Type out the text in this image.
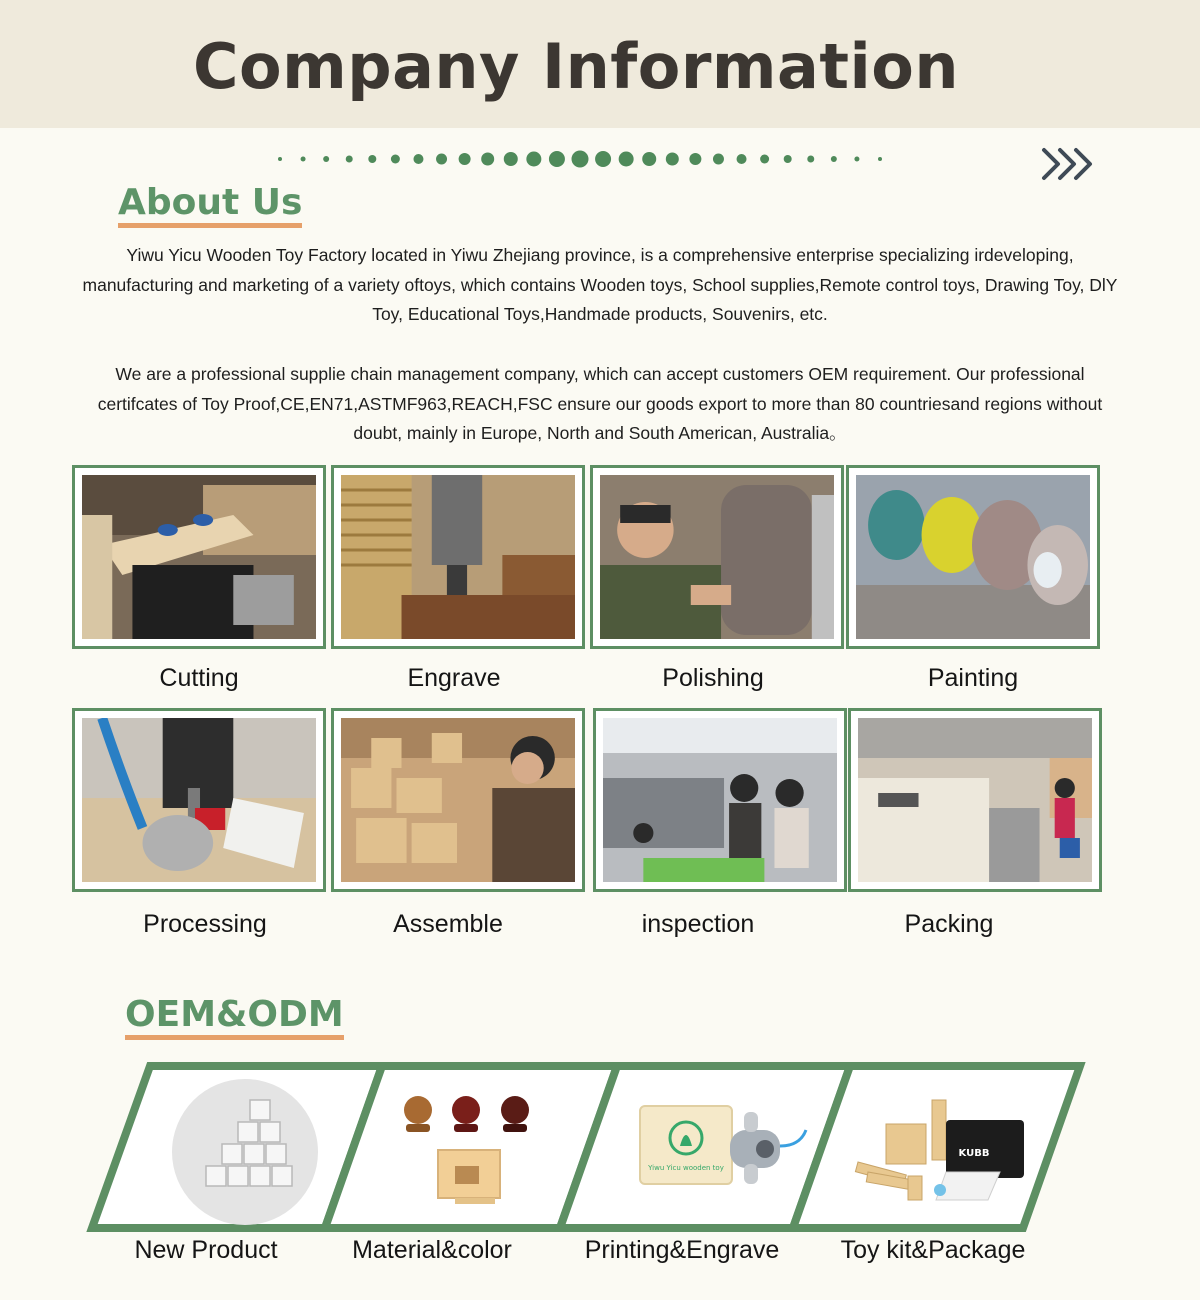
Company Information
About Us

Yiwu Yicu Wooden Toy Factory located in Yiwu Zhejiang province, is a comprehensive enterprise specializing irdeveloping, manufacturing and marketing of a variety oftoys, which contains Wooden toys, School supplies,Remote control toys, Drawing Toy, DlY Toy, Educational Toys,Handmade products, Souvenirs, etc.

We are a professional supplie chain management company, which can accept customers OEM requirement. Our professional certifcates of Toy Proof,CE,EN71,ASTMF963,REACH,FSC ensure our goods export to more than 80 countriesand regions without doubt, mainly in Europe, North and South American, Australia。

Cutting	Engrave	Polishing	Painting
Processing	Assemble	inspection	Packing
OEM&ODM
Yiwu Yicu wooden toy
KUBB
New Product	Material&color	Printing&Engrave	Toy kit&Package
